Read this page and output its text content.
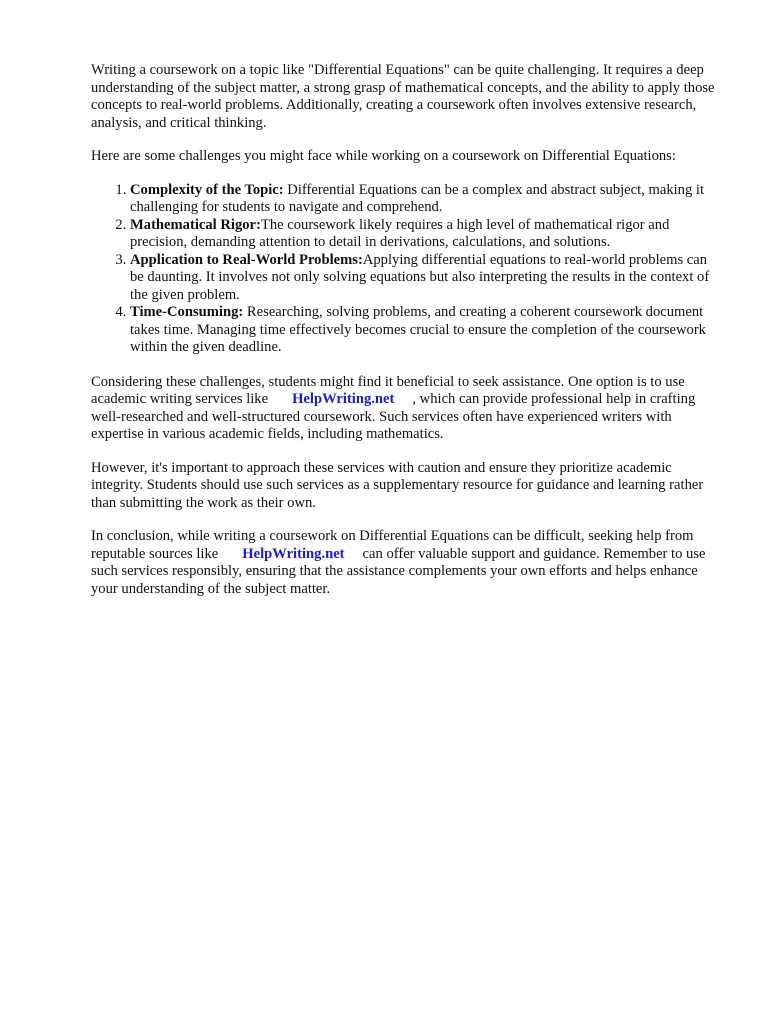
Writing a coursework on a topic like "Differential Equations" can be quite challenging. It requires a deep understanding of the subject matter, a strong grasp of mathematical concepts, and the ability to apply those concepts to real-world problems. Additionally, creating a coursework often involves extensive research, analysis, and critical thinking.

Here are some challenges you might face while working on a coursework on Differential Equations:

1. Complexity of the Topic: Differential Equations can be a complex and abstract subject, making it challenging for students to navigate and comprehend.
2. Mathematical Rigor:The coursework likely requires a high level of mathematical rigor and precision, demanding attention to detail in derivations, calculations, and solutions.
3. Application to Real-World Problems:Applying differential equations to real-world problems can be daunting. It involves not only solving equations but also interpreting the results in the context of the given problem.
4. Time-Consuming: Researching, solving problems, and creating a coherent coursework document takes time. Managing time effectively becomes crucial to ensure the completion of the coursework within the given deadline.

Considering these challenges, students might find it beneficial to seek assistance. One option is to use academic writing services like HelpWriting.net , which can provide professional help in crafting well-researched and well-structured coursework. Such services often have experienced writers with expertise in various academic fields, including mathematics.

However, it's important to approach these services with caution and ensure they prioritize academic integrity. Students should use such services as a supplementary resource for guidance and learning rather than submitting the work as their own.

In conclusion, while writing a coursework on Differential Equations can be difficult, seeking help from reputable sources like HelpWriting.net can offer valuable support and guidance. Remember to use such services responsibly, ensuring that the assistance complements your own efforts and helps enhance your understanding of the subject matter.
